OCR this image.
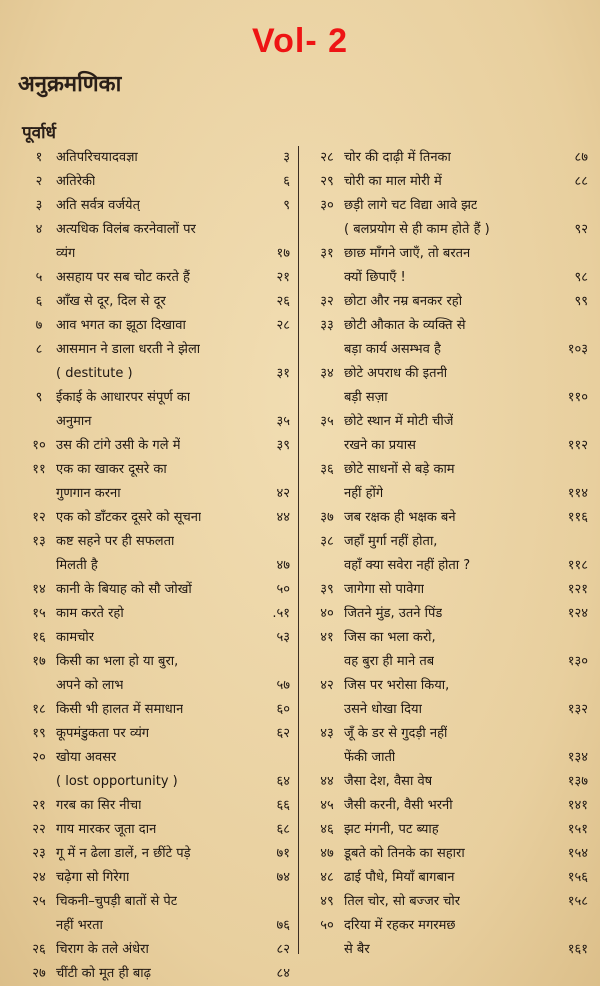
Vol- 2
अनुक्रमणिका
पूर्वार्ध
१	अतिपरिचयादवज्ञा	३
२	अतिरेकी	६
३	अति सर्वत्र वर्जयेत्	९
४	अत्यधिक विलंब करनेवालों पर
व्यंग	१७
५	असहाय पर सब चोट करते हैं	२१
६	आँख से दूर, दिल से दूर	२६
७	आव भगत का झूठा दिखावा	२८
८	आसमान ने डाला धरती ने झेला
( destitute )	३१
९	ईकाई के आधारपर संपूर्ण का
अनुमान	३५
१० उस की टांगे उसी के गले में	३९
११ एक का खाकर दूसरे का
गुणगान करना	४२
१२ एक को डाँटकर दूसरे को सूचना	४४
१३ कष्ट सहने पर ही सफलता
मिलती है	४७
१४ कानी के बियाह को सौ जोखों	५०
१५ काम करते रहो	.५१
१६ कामचोर	५३
१७ किसी का भला हो या बुरा,
अपने को लाभ	५७
१८ किसी भी हालत में समाधान	६०
१९ कूपमंडुकता पर व्यंग	६२
२० खोया अवसर
( lost opportunity )	६४
२१ गरब का सिर नीचा	६६
२२ गाय मारकर जूता दान	६८
२३ गू में न ढेला डालें, न छींटे पड़े	७१
२४ चढ़ेगा सो गिरेगा	७४
२५ चिकनी–चुपड़ी बातों से पेट
नहीं भरता	७६
२६ चिराग के तले अंधेरा	८२
२७ चींटी को मूत ही बाढ़	८४
२८ चोर की दाढ़ी में तिनका	८७
२९ चोरी का माल मोरी में	८८
३० छड़ी लागे चट विद्या आवे झट
( बलप्रयोग से ही काम होते हैं )	९२
३१ छाछ माँगने जाएँ, तो बरतन
क्यों छिपाएँ !	९८
३२ छोटा और नम्र बनकर रहो	९९
३३ छोटी औकात के व्यक्ति से
बड़ा कार्य असम्भव है	१०३
३४ छोटे अपराध की इतनी
बड़ी सज़ा	११०
३५ छोटे स्थान में मोटी चीजें
रखने का प्रयास	११२
३६ छोटे साधनों से बड़े काम
नहीं होंगे	११४
३७ जब रक्षक ही भक्षक बने	११६
३८ जहाँ मुर्गा नहीं होता,
वहाँ क्या सवेरा नहीं होता ?	११८
३९ जागेगा सो पावेगा	१२१
४० जितने मुंड, उतने पिंड	१२४
४१ जिस का भला करो,
वह बुरा ही माने तब	१३०
४२ जिस पर भरोसा किया,
उसने धोखा दिया	१३२
४३ जूँ के डर से गुदड़ी नहीं
फेंकी जाती	१३४
४४ जैसा देश, वैसा वेष	१३७
४५ जैसी करनी, वैसी भरनी	१४१
४६ झट मंगनी, पट ब्याह	१५१
४७ डूबते को तिनके का सहारा	१५४
४८ ढाई पौधे, मियाँ बागबान	१५६
४९ तिल चोर, सो बज्जर चोर	१५८
५० दरिया में रहकर मगरमछ
से बैर	१६१
